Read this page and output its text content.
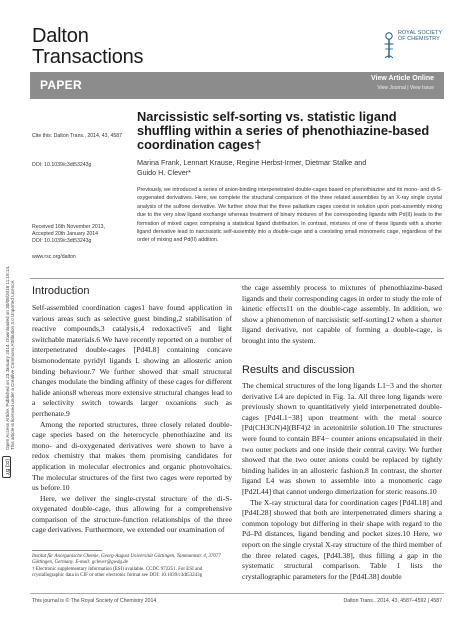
Open Access Article. Published on 23 January 2014. Downloaded on 30/08/2016 11:18:14. This article is licensed under a Creative Commons Attribution 3.0 Unported Licence.
(cc) BY
Dalton
Transactions
ROYAL SOCIETY OF CHEMISTRY
PAPER	View Article Online
View Journal | View Issue
Cite this: Dalton Trans., 2014, 43, 4587
DOI: 10.1039/c3dt53243g
Received 16th November 2013,
Accepted 20th January 2014
DOI: 10.1039/c3dt53243g
www.rsc.org/dalton
Narcissistic self-sorting vs. statistic ligand shuffling within a series of phenothiazine-based coordination cages†
Marina Frank, Lennart Krause, Regine Herbst-Irmer, Dietmar Stalke and
Guido H. Clever*
Previously, we introduced a series of anion-binding interpenetrated double-cages based on phenothiazine and its mono- and di-S-oxygenated derivatives. Here, we complete the structural comparison of the three related assemblies by an X-ray single crystal analysis of the sulfone derivative. We further show that the three palladium cages coexist in solution upon post-assembly mixing due to the very slow ligand exchange whereas treatment of binary mixtures of the corresponding ligands with Pd(II) leads to the formation of mixed cages comprising a statistical ligand distribution. In contrast, mixtures of one of these ligands with a shorter ligand derivative lead to narcissistic self-assembly into a double-cage and a coexisting small monomeric cage, regardless of the order of mixing and Pd(II) addition.
Introduction

Self-assembled coordination cages1 have found application in various areas such as selective guest binding,2 stabilisation of reactive compounds,3 catalysis,4 redoxactive5 and light switchable materials.6 We have recently reported on a number of interpenetrated double-cages [Pd4L8] containing concave bismonodentate pyridyl ligands L showing an allosteric anion binding behaviour.7 We further showed that small structural changes modulate the binding affinity of these cages for different halide anions8 whereas more extensive structural changes lead to a selectivity switch towards larger oxoanions such as perrhenate.9

Among the reported structures, three closely related double-cage species based on the heterocycle phenothiazine and its mono- and di-oxygenated derivatives were shown to have a redox chemistry that makes them promising candidates for application in molecular electronics and organic photovoltaics. The molecular structures of the first two cages were reported by us before.10

Here, we deliver the single-crystal structure of the di-S-oxygenated double-cage, thus allowing for a comprehensive comparison of the structure-function relationships of the three cage derivatives. Furthermore, we extended our examination of

the cage assembly process to mixtures of phenothiazine-based ligands and their corresponding cages in order to study the role of kinetic effects11 on the double-cage assembly. In addition, we show a phenomenon of narcissistic self-sorting12 when a shorter ligand derivative, not capable of forming a double-cage, is brought into the system.

Results and discussion

The chemical structures of the long ligands L1−3 and the shorter derivative L4 are depicted in Fig. 1a. All three long ligands were previously shown to quantitatively yield interpenetrated double-cages [Pd4L1−38] upon treatment with the metal source [Pd(CH3CN)4](BF4)2 in acetonitrile solution.10 The structures were found to contain BF4− counter anions encapsulated in their two outer pockets and one inside their central cavity. We further showed that the two outer anions could be replaced by tightly binding halides in an allosteric fashion.8 In contrast, the shorter ligand L4 was shown to assemble into a monomeric cage [Pd2L44] that cannot undergo dimerization for steric reasons.10

The X-ray structural data for coordination cages [Pd4L18] and [Pd4L28] showed that both are interpenetrated dimers sharing a common topology but differing in their shape with regard to the Pd–Pd distances, ligand bending and pocket sizes.10 Here, we report on the single crystal X-ray structure of the third member of the three related cages, [Pd4L38], thus filling a gap in the systematic structural comparison. Table 1 lists the crystallographic parameters for the [Pd4L38] double

Institut für Anorganische Chemie, Georg-August Universität Göttingen, Tammannstr. 4, 37077 Göttingen, Germany. E-mail: gclever@gwdg.de
† Electronic supplementary information (ESI) available. CCDC 972251. For ESI and crystallographic data in CIF or other electronic format see DOI: 10.1039/c3dt53243g
This journal is © The Royal Society of Chemistry 2014	Dalton Trans., 2014, 43, 4587–4592 | 4587
